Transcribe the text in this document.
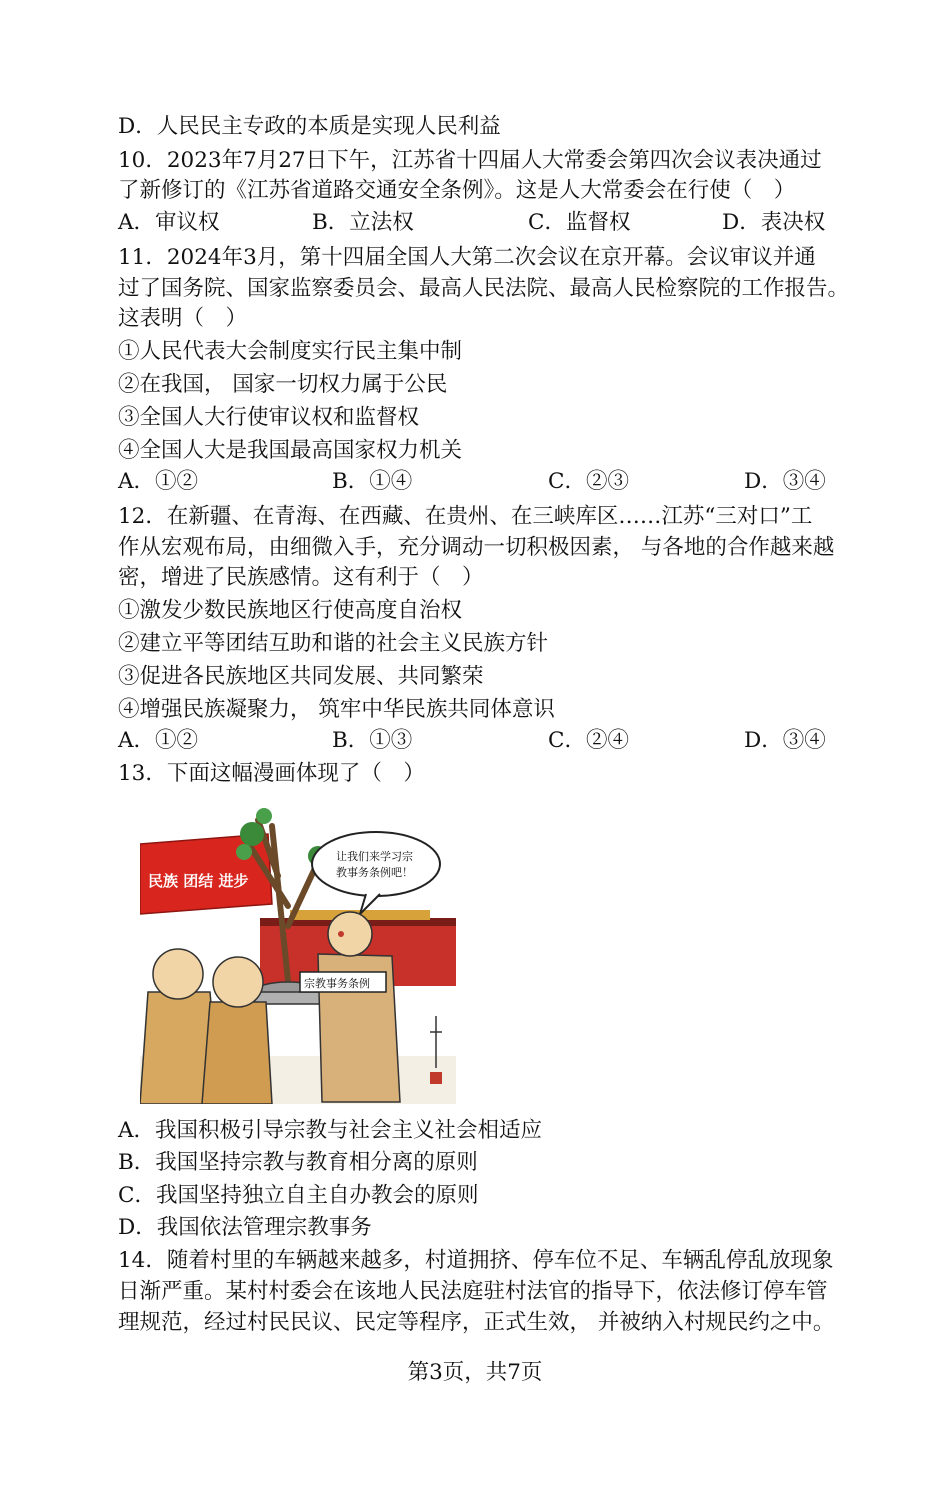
D．人民民主专政的本质是实现人民利益
10．2023年7月27日下午，江苏省十四届人大常委会第四次会议表决通过
了新修订的《江苏省道路交通安全条例》。这是人大常委会在行使（　）
A．审议权	B．立法权	C．监督权	D．表决权
11．2024年3月，第十四届全国人大第二次会议在京开幕。会议审议并通
过了国务院、国家监察委员会、最高人民法院、最高人民检察院的工作报告。
这表明（　）
①人民代表大会制度实行民主集中制
②在我国， 国家一切权力属于公民
③全国人大行使审议权和监督权
④全国人大是我国最高国家权力机关
A．①②	B．①④	C．②③	D．③④
12．在新疆、在青海、在西藏、在贵州、在三峡库区……江苏“三对口”工
作从宏观布局，由细微入手，充分调动一切积极因素， 与各地的合作越来越
密，增进了民族感情。这有利于（　）
①激发少数民族地区行使高度自治权
②建立平等团结互助和谐的社会主义民族方针
③促进各民族地区共同发展、共同繁荣
④增强民族凝聚力， 筑牢中华民族共同体意识
A．①②	B．①③	C．②④	D．③④
13．下面这幅漫画体现了（　）
民族 团结 进步
让我们来学习宗
教事务条例吧！
宗教事务条例
A．我国积极引导宗教与社会主义社会相适应
B．我国坚持宗教与教育相分离的原则
C．我国坚持独立自主自办教会的原则
D．我国依法管理宗教事务
14．随着村里的车辆越来越多，村道拥挤、停车位不足、车辆乱停乱放现象
日渐严重。某村村委会在该地人民法庭驻村法官的指导下，依法修订停车管
理规范，经过村民民议、民定等程序，正式生效， 并被纳入村规民约之中。
第3页，共7页
